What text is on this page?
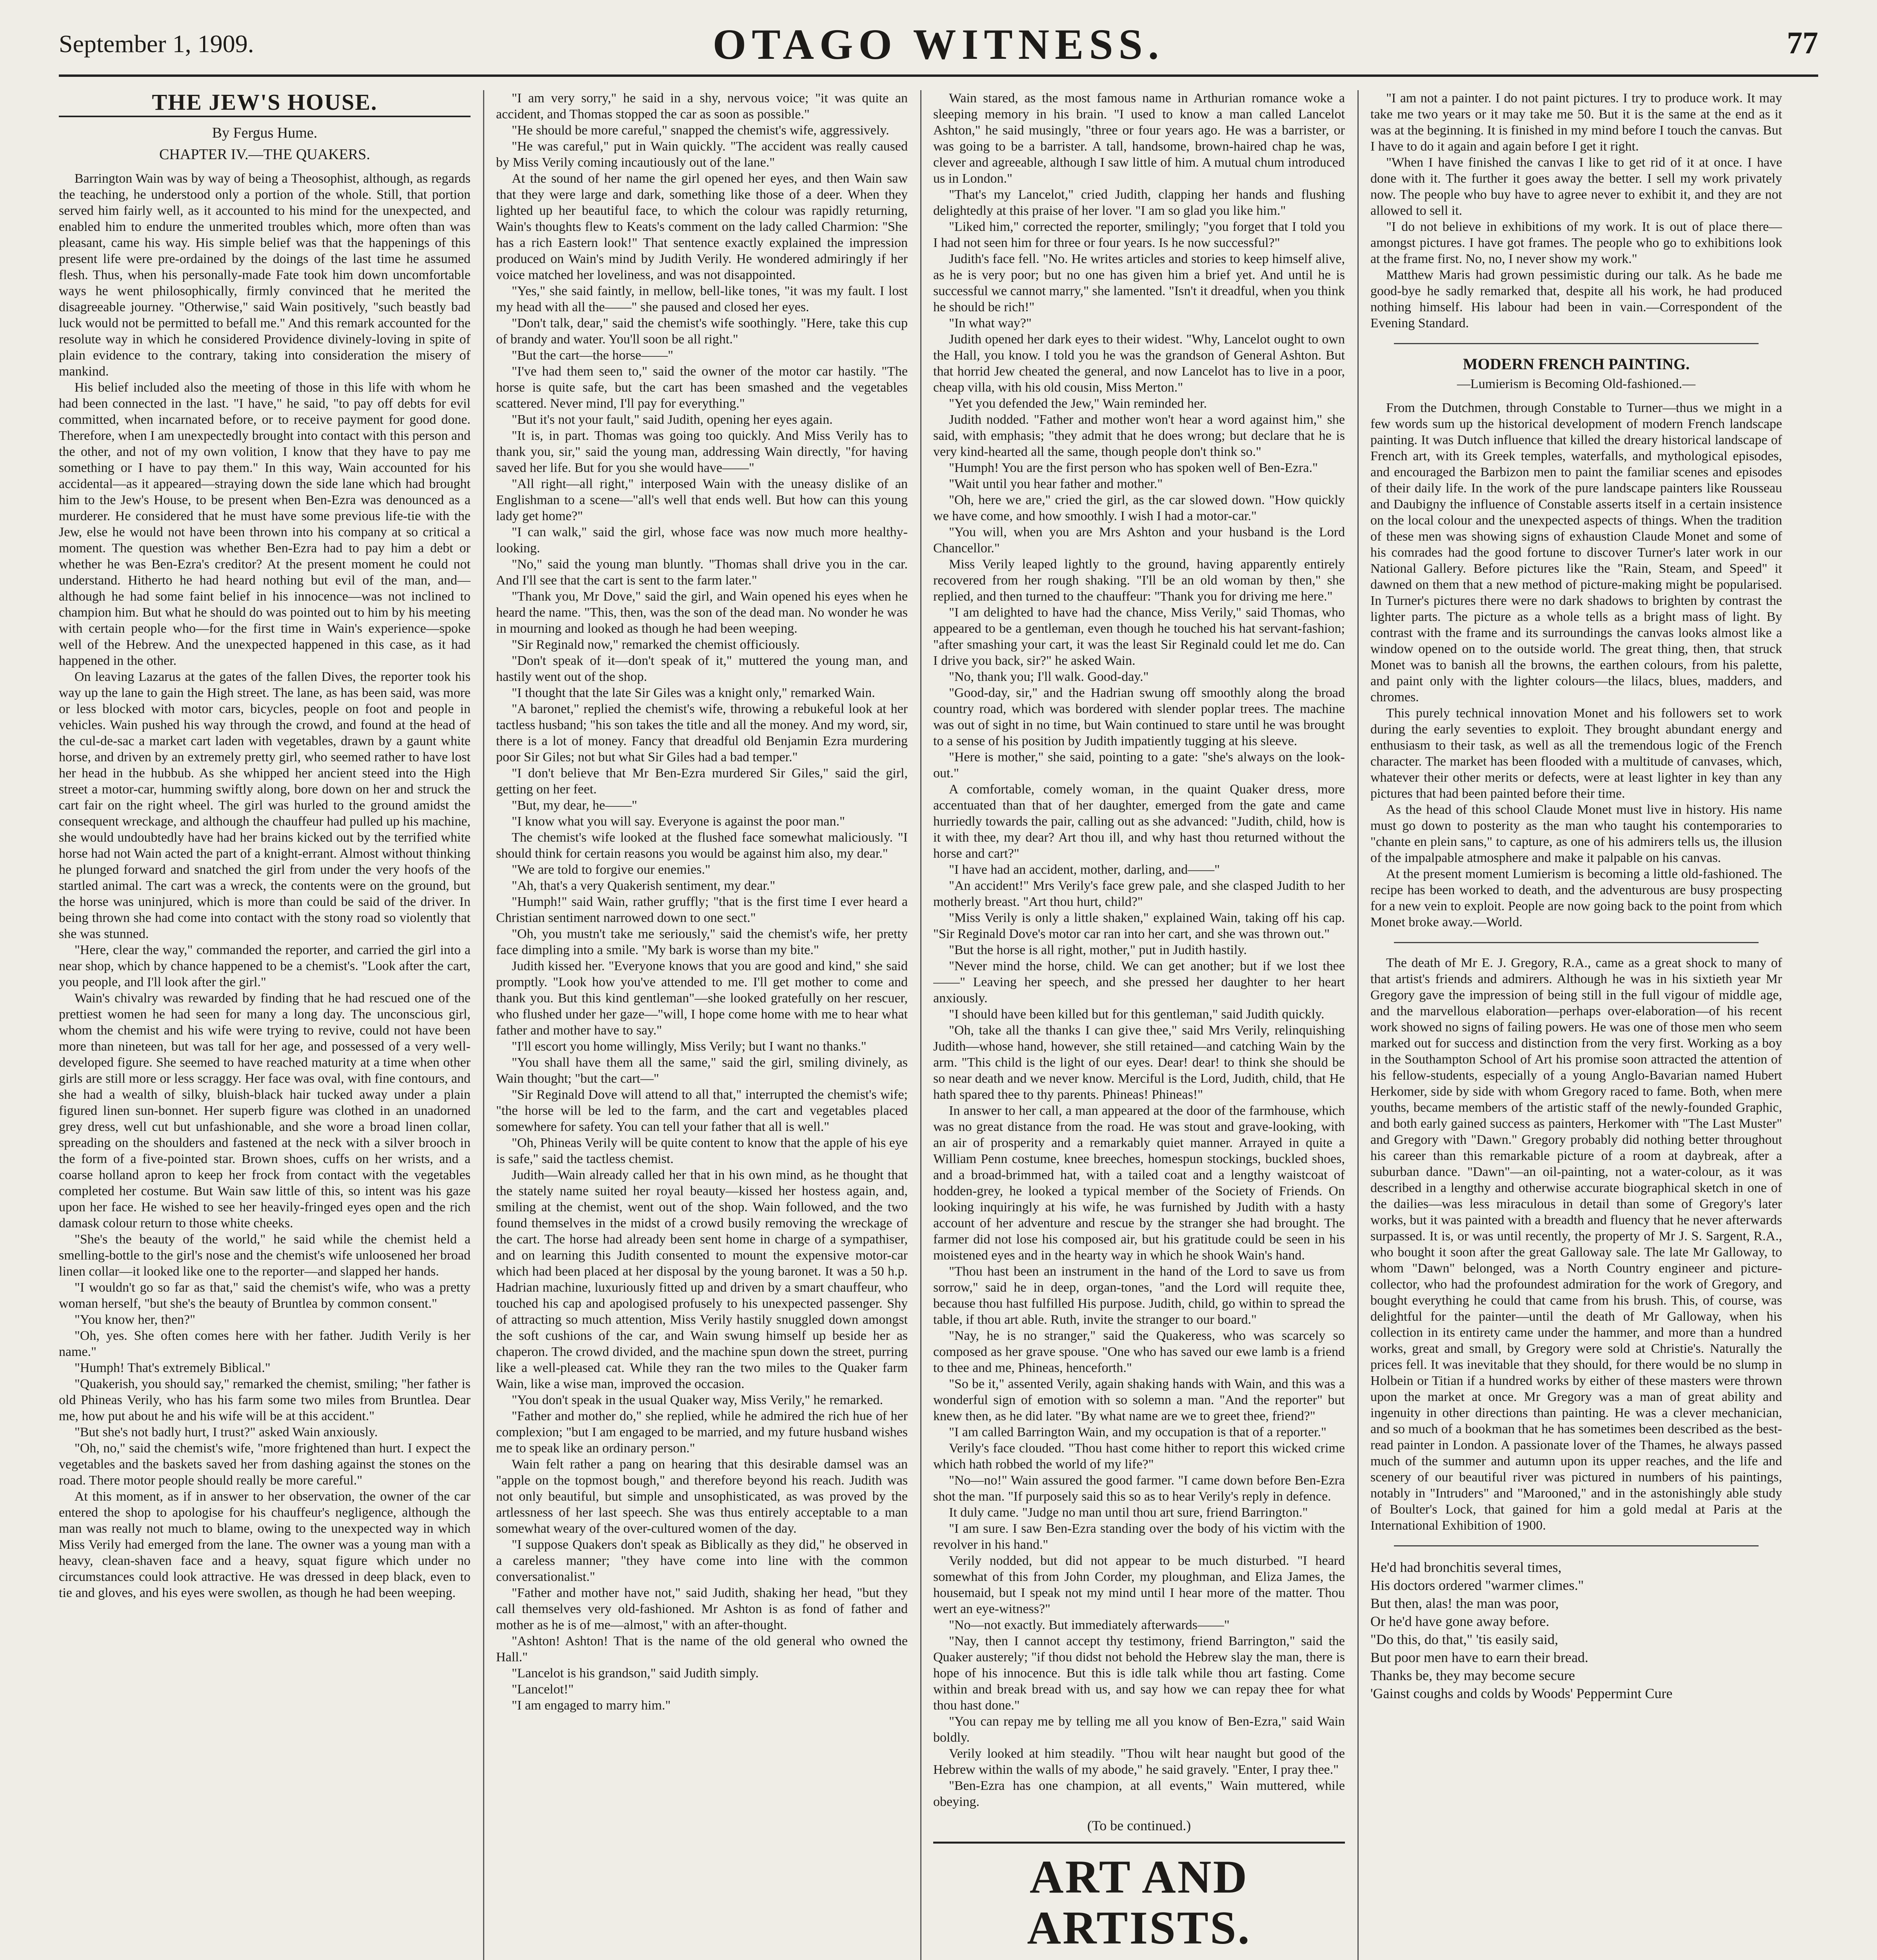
September 1, 1909.	OTAGO WITNESS.	77
THE JEW'S HOUSE.
By Fergus Hume.
CHAPTER IV.—THE QUAKERS.

Barrington Wain was by way of being a Theosophist, although, as regards the teaching, he understood only a portion of the whole. Still, that portion served him fairly well, as it accounted to his mind for the unexpected, and enabled him to endure the unmerited troubles which, more often than was pleasant, came his way. His simple belief was that the happenings of this present life were pre-ordained by the doings of the last time he assumed flesh. Thus, when his personally-made Fate took him down uncomfortable ways he went philosophically, firmly convinced that he merited the disagreeable journey. "Otherwise," said Wain positively, "such beastly bad luck would not be permitted to befall me." And this remark accounted for the resolute way in which he considered Providence divinely-loving in spite of plain evidence to the contrary, taking into consideration the misery of mankind.

His belief included also the meeting of those in this life with whom he had been connected in the last. "I have," he said, "to pay off debts for evil committed, when incarnated before, or to receive payment for good done. Therefore, when I am unexpectedly brought into contact with this person and the other, and not of my own volition, I know that they have to pay me something or I have to pay them." In this way, Wain accounted for his accidental—as it appeared—straying down the side lane which had brought him to the Jew's House, to be present when Ben-Ezra was denounced as a murderer. He considered that he must have some previous life-tie with the Jew, else he would not have been thrown into his company at so critical a moment. The question was whether Ben-Ezra had to pay him a debt or whether he was Ben-Ezra's creditor? At the present moment he could not understand. Hitherto he had heard nothing but evil of the man, and—although he had some faint belief in his innocence—was not inclined to champion him. But what he should do was pointed out to him by his meeting with certain people who—for the first time in Wain's experience—spoke well of the Hebrew. And the unexpected happened in this case, as it had happened in the other.

On leaving Lazarus at the gates of the fallen Dives, the reporter took his way up the lane to gain the High street. The lane, as has been said, was more or less blocked with motor cars, bicycles, people on foot and people in vehicles. Wain pushed his way through the crowd, and found at the head of the cul-de-sac a market cart laden with vegetables, drawn by a gaunt white horse, and driven by an extremely pretty girl, who seemed rather to have lost her head in the hubbub. As she whipped her ancient steed into the High street a motor-car, humming swiftly along, bore down on her and struck the cart fair on the right wheel. The girl was hurled to the ground amidst the consequent wreckage, and although the chauffeur had pulled up his machine, she would undoubtedly have had her brains kicked out by the terrified white horse had not Wain acted the part of a knight-errant. Almost without thinking he plunged forward and snatched the girl from under the very hoofs of the startled animal. The cart was a wreck, the contents were on the ground, but the horse was uninjured, which is more than could be said of the driver. In being thrown she had come into contact with the stony road so violently that she was stunned.

"Here, clear the way," commanded the reporter, and carried the girl into a near shop, which by chance happened to be a chemist's. "Look after the cart, you people, and I'll look after the girl."

Wain's chivalry was rewarded by finding that he had rescued one of the prettiest women he had seen for many a long day. The unconscious girl, whom the chemist and his wife were trying to revive, could not have been more than nineteen, but was tall for her age, and possessed of a very well-developed figure. She seemed to have reached maturity at a time when other girls are still more or less scraggy. Her face was oval, with fine contours, and she had a wealth of silky, bluish-black hair tucked away under a plain figured linen sun-bonnet. Her superb figure was clothed in an unadorned grey dress, well cut but unfashionable, and she wore a broad linen collar, spreading on the shoulders and fastened at the neck with a silver brooch in the form of a five-pointed star. Brown shoes, cuffs on her wrists, and a coarse holland apron to keep her frock from contact with the vegetables completed her costume. But Wain saw little of this, so intent was his gaze upon her face. He wished to see her heavily-fringed eyes open and the rich damask colour return to those white cheeks.

"She's the beauty of the world," he said while the chemist held a smelling-bottle to the girl's nose and the chemist's wife unloosened her broad linen collar—it looked like one to the reporter—and slapped her hands.

"I wouldn't go so far as that," said the chemist's wife, who was a pretty woman herself, "but she's the beauty of Bruntlea by common consent."

"You know her, then?"

"Oh, yes. She often comes here with her father. Judith Verily is her name."

"Humph! That's extremely Biblical."

"Quakerish, you should say," remarked the chemist, smiling; "her father is old Phineas Verily, who has his farm some two miles from Bruntlea. Dear me, how put about he and his wife will be at this accident."

"But she's not badly hurt, I trust?" asked Wain anxiously.

"Oh, no," said the chemist's wife, "more frightened than hurt. I expect the vegetables and the baskets saved her from dashing against the stones on the road. There motor people should really be more careful."

At this moment, as if in answer to her observation, the owner of the car entered the shop to apologise for his chauffeur's negligence, although the man was really not much to blame, owing to the unexpected way in which Miss Verily had emerged from the lane. The owner was a young man with a heavy, clean-shaven face and a heavy, squat figure which under no circumstances could look attractive. He was dressed in deep black, even to tie and gloves, and his eyes were swollen, as though he had been weeping.

"I am very sorry," he said in a shy, nervous voice; "it was quite an accident, and Thomas stopped the car as soon as possible."

"He should be more careful," snapped the chemist's wife, aggressively.

"He was careful," put in Wain quickly. "The accident was really caused by Miss Verily coming incautiously out of the lane."

At the sound of her name the girl opened her eyes, and then Wain saw that they were large and dark, something like those of a deer. When they lighted up her beautiful face, to which the colour was rapidly returning, Wain's thoughts flew to Keats's comment on the lady called Charmion: "She has a rich Eastern look!" That sentence exactly explained the impression produced on Wain's mind by Judith Verily. He wondered admiringly if her voice matched her loveliness, and was not disappointed.

"Yes," she said faintly, in mellow, bell-like tones, "it was my fault. I lost my head with all the——" she paused and closed her eyes.

"Don't talk, dear," said the chemist's wife soothingly. "Here, take this cup of brandy and water. You'll soon be all right."

"But the cart—the horse——"

"I've had them seen to," said the owner of the motor car hastily. "The horse is quite safe, but the cart has been smashed and the vegetables scattered. Never mind, I'll pay for everything."

"But it's not your fault," said Judith, opening her eyes again.

"It is, in part. Thomas was going too quickly. And Miss Verily has to thank you, sir," said the young man, addressing Wain directly, "for having saved her life. But for you she would have——"

"All right—all right," interposed Wain with the uneasy dislike of an Englishman to a scene—"all's well that ends well. But how can this young lady get home?"

"I can walk," said the girl, whose face was now much more healthy-looking.

"No," said the young man bluntly. "Thomas shall drive you in the car. And I'll see that the cart is sent to the farm later."

"Thank you, Mr Dove," said the girl, and Wain opened his eyes when he heard the name. "This, then, was the son of the dead man. No wonder he was in mourning and looked as though he had been weeping.

"Sir Reginald now," remarked the chemist officiously.

"Don't speak of it—don't speak of it," muttered the young man, and hastily went out of the shop.

"I thought that the late Sir Giles was a knight only," remarked Wain.

"A baronet," replied the chemist's wife, throwing a rebukeful look at her tactless husband; "his son takes the title and all the money. And my word, sir, there is a lot of money. Fancy that dreadful old Benjamin Ezra murdering poor Sir Giles; not but what Sir Giles had a bad temper."

"I don't believe that Mr Ben-Ezra murdered Sir Giles," said the girl, getting on her feet.

"But, my dear, he——"

"I know what you will say. Everyone is against the poor man."

The chemist's wife looked at the flushed face somewhat maliciously. "I should think for certain reasons you would be against him also, my dear."

"We are told to forgive our enemies."

"Ah, that's a very Quakerish sentiment, my dear."

"Humph!" said Wain, rather gruffly; "that is the first time I ever heard a Christian sentiment narrowed down to one sect."

"Oh, you mustn't take me seriously," said the chemist's wife, her pretty face dimpling into a smile. "My bark is worse than my bite."

Judith kissed her. "Everyone knows that you are good and kind," she said promptly. "Look how you've attended to me. I'll get mother to come and thank you. But this kind gentleman"—she looked gratefully on her rescuer, who flushed under her gaze—"will, I hope come home with me to hear what father and mother have to say."

"I'll escort you home willingly, Miss Verily; but I want no thanks."

"You shall have them all the same," said the girl, smiling divinely, as Wain thought; "but the cart—"

"Sir Reginald Dove will attend to all that," interrupted the chemist's wife; "the horse will be led to the farm, and the cart and vegetables placed somewhere for safety. You can tell your father that all is well."

"Oh, Phineas Verily will be quite content to know that the apple of his eye is safe," said the tactless chemist.

Judith—Wain already called her that in his own mind, as he thought that the stately name suited her royal beauty—kissed her hostess again, and, smiling at the chemist, went out of the shop. Wain followed, and the two found themselves in the midst of a crowd busily removing the wreckage of the cart. The horse had already been sent home in charge of a sympathiser, and on learning this Judith consented to mount the expensive motor-car which had been placed at her disposal by the young baronet. It was a 50 h.p. Hadrian machine, luxuriously fitted up and driven by a smart chauffeur, who touched his cap and apologised profusely to his unexpected passenger. Shy of attracting so much attention, Miss Verily hastily snuggled down amongst the soft cushions of the car, and Wain swung himself up beside her as chaperon. The crowd divided, and the machine spun down the street, purring like a well-pleased cat. While they ran the two miles to the Quaker farm Wain, like a wise man, improved the occasion.

"You don't speak in the usual Quaker way, Miss Verily," he remarked.

"Father and mother do," she replied, while he admired the rich hue of her complexion; "but I am engaged to be married, and my future husband wishes me to speak like an ordinary person."

Wain felt rather a pang on hearing that this desirable damsel was an "apple on the topmost bough," and therefore beyond his reach. Judith was not only beautiful, but simple and unsophisticated, as was proved by the artlessness of her last speech. She was thus entirely acceptable to a man somewhat weary of the over-cultured women of the day.

"I suppose Quakers don't speak as Biblically as they did," he observed in a careless manner; "they have come into line with the common conversationalist."

"Father and mother have not," said Judith, shaking her head, "but they call themselves very old-fashioned. Mr Ashton is as fond of father and mother as he is of me—almost," with an after-thought.

"Ashton! Ashton! That is the name of the old general who owned the Hall."

"Lancelot is his grandson," said Judith simply.

"Lancelot!"

"I am engaged to marry him."

Wain stared, as the most famous name in Arthurian romance woke a sleeping memory in his brain. "I used to know a man called Lancelot Ashton," he said musingly, "three or four years ago. He was a barrister, or was going to be a barrister. A tall, handsome, brown-haired chap he was, clever and agreeable, although I saw little of him. A mutual chum introduced us in London."

"That's my Lancelot," cried Judith, clapping her hands and flushing delightedly at this praise of her lover. "I am so glad you like him."

"Liked him," corrected the reporter, smilingly; "you forget that I told you I had not seen him for three or four years. Is he now successful?"

Judith's face fell. "No. He writes articles and stories to keep himself alive, as he is very poor; but no one has given him a brief yet. And until he is successful we cannot marry," she lamented. "Isn't it dreadful, when you think he should be rich!"

"In what way?"

Judith opened her dark eyes to their widest. "Why, Lancelot ought to own the Hall, you know. I told you he was the grandson of General Ashton. But that horrid Jew cheated the general, and now Lancelot has to live in a poor, cheap villa, with his old cousin, Miss Merton."

"Yet you defended the Jew," Wain reminded her.

Judith nodded. "Father and mother won't hear a word against him," she said, with emphasis; "they admit that he does wrong; but declare that he is very kind-hearted all the same, though people don't think so."

"Humph! You are the first person who has spoken well of Ben-Ezra."

"Wait until you hear father and mother."

"Oh, here we are," cried the girl, as the car slowed down. "How quickly we have come, and how smoothly. I wish I had a motor-car."

"You will, when you are Mrs Ashton and your husband is the Lord Chancellor."

Miss Verily leaped lightly to the ground, having apparently entirely recovered from her rough shaking. "I'll be an old woman by then," she replied, and then turned to the chauffeur: "Thank you for driving me here."

"I am delighted to have had the chance, Miss Verily," said Thomas, who appeared to be a gentleman, even though he touched his hat servant-fashion; "after smashing your cart, it was the least Sir Reginald could let me do. Can I drive you back, sir?" he asked Wain.

"No, thank you; I'll walk. Good-day."

"Good-day, sir," and the Hadrian swung off smoothly along the broad country road, which was bordered with slender poplar trees. The machine was out of sight in no time, but Wain continued to stare until he was brought to a sense of his position by Judith impatiently tugging at his sleeve.

"Here is mother," she said, pointing to a gate: "she's always on the look-out."

A comfortable, comely woman, in the quaint Quaker dress, more accentuated than that of her daughter, emerged from the gate and came hurriedly towards the pair, calling out as she advanced: "Judith, child, how is it with thee, my dear? Art thou ill, and why hast thou returned without the horse and cart?"

"I have had an accident, mother, darling, and——"

"An accident!" Mrs Verily's face grew pale, and she clasped Judith to her motherly breast. "Art thou hurt, child?"

"Miss Verily is only a little shaken," explained Wain, taking off his cap. "Sir Reginald Dove's motor car ran into her cart, and she was thrown out."

"But the horse is all right, mother," put in Judith hastily.

"Never mind the horse, child. We can get another; but if we lost thee——" Leaving her speech, and she pressed her daughter to her heart anxiously.

"I should have been killed but for this gentleman," said Judith quickly.

"Oh, take all the thanks I can give thee," said Mrs Verily, relinquishing Judith—whose hand, however, she still retained—and catching Wain by the arm. "This child is the light of our eyes. Dear! dear! to think she should be so near death and we never know. Merciful is the Lord, Judith, child, that He hath spared thee to thy parents. Phineas! Phineas!"

In answer to her call, a man appeared at the door of the farmhouse, which was no great distance from the road. He was stout and grave-looking, with an air of prosperity and a remarkably quiet manner. Arrayed in quite a William Penn costume, knee breeches, homespun stockings, buckled shoes, and a broad-brimmed hat, with a tailed coat and a lengthy waistcoat of hodden-grey, he looked a typical member of the Society of Friends. On looking inquiringly at his wife, he was furnished by Judith with a hasty account of her adventure and rescue by the stranger she had brought. The farmer did not lose his composed air, but his gratitude could be seen in his moistened eyes and in the hearty way in which he shook Wain's hand.

"Thou hast been an instrument in the hand of the Lord to save us from sorrow," said he in deep, organ-tones, "and the Lord will requite thee, because thou hast fulfilled His purpose. Judith, child, go within to spread the table, if thou art able. Ruth, invite the stranger to our board."

"Nay, he is no stranger," said the Quakeress, who was scarcely so composed as her grave spouse. "One who has saved our ewe lamb is a friend to thee and me, Phineas, henceforth."

"So be it," assented Verily, again shaking hands with Wain, and this was a wonderful sign of emotion with so solemn a man. "And the reporter" but knew then, as he did later. "By what name are we to greet thee, friend?"

"I am called Barrington Wain, and my occupation is that of a reporter."

Verily's face clouded. "Thou hast come hither to report this wicked crime which hath robbed the world of my life?"

"No—no!" Wain assured the good farmer. "I came down before Ben-Ezra shot the man. "If purposely said this so as to hear Verily's reply in defence.

It duly came. "Judge no man until thou art sure, friend Barrington."

"I am sure. I saw Ben-Ezra standing over the body of his victim with the revolver in his hand."

Verily nodded, but did not appear to be much disturbed. "I heard somewhat of this from John Corder, my ploughman, and Eliza James, the housemaid, but I speak not my mind until I hear more of the matter. Thou wert an eye-witness?"

"No—not exactly. But immediately afterwards——"

"Nay, then I cannot accept thy testimony, friend Barrington," said the Quaker austerely; "if thou didst not behold the Hebrew slay the man, there is hope of his innocence. But this is idle talk while thou art fasting. Come within and break bread with us, and say how we can repay thee for what thou hast done."

"You can repay me by telling me all you know of Ben-Ezra," said Wain boldly.

Verily looked at him steadily. "Thou wilt hear naught but good of the Hebrew within the walls of my abode," he said gravely. "Enter, I pray thee."

"Ben-Ezra has one champion, at all events," Wain muttered, while obeying.

(To be continued.)
ART AND ARTISTS.

"I am not a painter. I do not paint pictures. I try to produce work. It may take me two years or it may take me 50. But it is the same at the end as it was at the beginning. It is finished in my mind before I touch the canvas. But I have to do it again and again before I get it right.

"When I have finished the canvas I like to get rid of it at once. I have done with it. The further it goes away the better. I sell my work privately now. The people who buy have to agree never to exhibit it, and they are not allowed to sell it.

"I do not believe in exhibitions of my work. It is out of place there—amongst pictures. I have got frames. The people who go to exhibitions look at the frame first. No, no, I never show my work."

Matthew Maris had grown pessimistic during our talk. As he bade me good-bye he sadly remarked that, despite all his work, he had produced nothing himself. His labour had been in vain.—Correspondent of the Evening Standard.

MODERN FRENCH PAINTING.
—Lumierism is Becoming Old-fashioned.—

From the Dutchmen, through Constable to Turner—thus we might in a few words sum up the historical development of modern French landscape painting. It was Dutch influence that killed the dreary historical landscape of French art, with its Greek temples, waterfalls, and mythological episodes, and encouraged the Barbizon men to paint the familiar scenes and episodes of their daily life. In the work of the pure landscape painters like Rousseau and Daubigny the influence of Constable asserts itself in a certain insistence on the local colour and the unexpected aspects of things. When the tradition of these men was showing signs of exhaustion Claude Monet and some of his comrades had the good fortune to discover Turner's later work in our National Gallery. Before pictures like the "Rain, Steam, and Speed" it dawned on them that a new method of picture-making might be popularised. In Turner's pictures there were no dark shadows to brighten by contrast the lighter parts. The picture as a whole tells as a bright mass of light. By contrast with the frame and its surroundings the canvas looks almost like a window opened on to the outside world. The great thing, then, that struck Monet was to banish all the browns, the earthen colours, from his palette, and paint only with the lighter colours—the lilacs, blues, madders, and chromes.

This purely technical innovation Monet and his followers set to work during the early seventies to exploit. They brought abundant energy and enthusiasm to their task, as well as all the tremendous logic of the French character. The market has been flooded with a multitude of canvases, which, whatever their other merits or defects, were at least lighter in key than any pictures that had been painted before their time.

As the head of this school Claude Monet must live in history. His name must go down to posterity as the man who taught his contemporaries to "chante en plein sans," to capture, as one of his admirers tells us, the illusion of the impalpable atmosphere and make it palpable on his canvas.

At the present moment Lumierism is becoming a little old-fashioned. The recipe has been worked to death, and the adventurous are busy prospecting for a new vein to exploit. People are now going back to the point from which Monet broke away.—World.

The death of Mr E. J. Gregory, R.A., came as a great shock to many of that artist's friends and admirers. Although he was in his sixtieth year Mr Gregory gave the impression of being still in the full vigour of middle age, and the marvellous elaboration—perhaps over-elaboration—of his recent work showed no signs of failing powers. He was one of those men who seem marked out for success and distinction from the very first. Working as a boy in the Southampton School of Art his promise soon attracted the attention of his fellow-students, especially of a young Anglo-Bavarian named Hubert Herkomer, side by side with whom Gregory raced to fame. Both, when mere youths, became members of the artistic staff of the newly-founded Graphic, and both early gained success as painters, Herkomer with "The Last Muster" and Gregory with "Dawn." Gregory probably did nothing better throughout his career than this remarkable picture of a room at daybreak, after a suburban dance. "Dawn"—an oil-painting, not a water-colour, as it was described in a lengthy and otherwise accurate biographical sketch in one of the dailies—was less miraculous in detail than some of Gregory's later works, but it was painted with a breadth and fluency that he never afterwards surpassed. It is, or was until recently, the property of Mr J. S. Sargent, R.A., who bought it soon after the great Galloway sale. The late Mr Galloway, to whom "Dawn" belonged, was a North Country engineer and picture-collector, who had the profoundest admiration for the work of Gregory, and bought everything he could that came from his brush. This, of course, was delightful for the painter—until the death of Mr Galloway, when his collection in its entirety came under the hammer, and more than a hundred works, great and small, by Gregory were sold at Christie's. Naturally the prices fell. It was inevitable that they should, for there would be no slump in Holbein or Titian if a hundred works by either of these masters were thrown upon the market at once. Mr Gregory was a man of great ability and ingenuity in other directions than painting. He was a clever mechanician, and so much of a bookman that he has sometimes been described as the best-read painter in London. A passionate lover of the Thames, he always passed much of the summer and autumn upon its upper reaches, and the life and scenery of our beautiful river was pictured in numbers of his paintings, notably in "Intruders" and "Marooned," and in the astonishingly able study of Boulter's Lock, that gained for him a gold medal at Paris at the International Exhibition of 1900.

He'd had bronchitis several times,
His doctors ordered "warmer climes."
But then, alas! the man was poor,
Or he'd have gone away before.
"Do this, do that," 'tis easily said,
But poor men have to earn their bread.
Thanks be, they may become secure
'Gainst coughs and colds by Woods' Peppermint Cure
